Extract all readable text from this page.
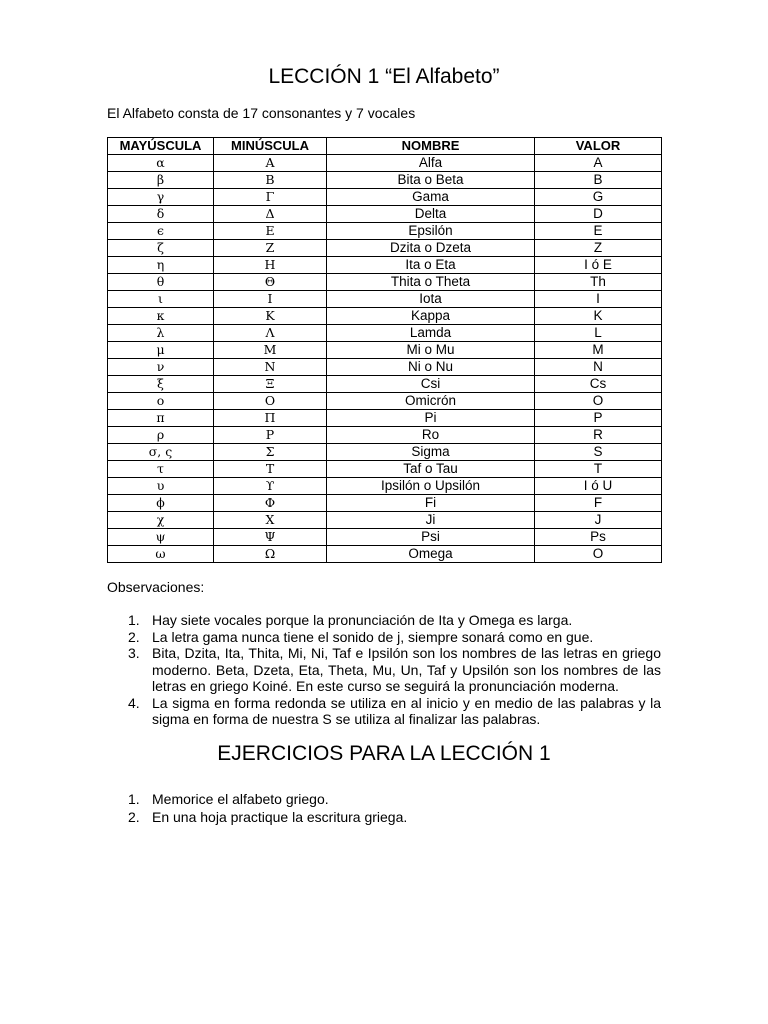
LECCIÓN 1 “El Alfabeto”

El Alfabeto consta de 17 consonantes y 7 vocales

MAYÚSCULA	MINÚSCULA	NOMBRE	VALOR
α	Α	Alfa	A
β	Β	Bita o Beta	B
γ	Γ	Gama	G
δ	Δ	Delta	D
ϵ	Ε	Epsilón	E
ζ	Ζ	Dzita o Dzeta	Z
η	Η	Ita o Eta	I ó E
θ	Θ	Thita o Theta	Th
ι	Ι	Iota	I
κ	Κ	Kappa	K
λ	Λ	Lamda	L
μ	Μ	Mi o Mu	M
ν	Ν	Ni o Nu	N
ξ	Ξ	Csi	Cs
ο	Ο	Omicrón	O
π	Π	Pi	P
ρ	Ρ	Ro	R
σ, ς	Σ	Sigma	S
τ	Τ	Taf o Tau	T
υ	ϒ	Ipsilón o Upsilón	I ó U
ϕ	Φ	Fi	F
χ	Χ	Ji	J
ψ	Ψ	Psi	Ps
ω	Ω	Omega	O

Observaciones:

1. Hay siete vocales porque la pronunciación de Ita y Omega es larga.
2. La letra gama nunca tiene el sonido de j, siempre sonará como en gue.
3. Bita, Dzita, Ita, Thita, Mi, Ni, Taf e Ipsilón son los nombres de las letras en griego moderno. Beta, Dzeta, Eta, Theta, Mu, Un, Taf y Upsilón son los nombres de las letras en griego Koiné. En este curso se seguirá la pronunciación moderna.
4. La sigma en forma redonda se utiliza en al inicio y en medio de las palabras y la sigma en forma de nuestra S se utiliza al finalizar las palabras.
EJERCICIOS PARA LA LECCIÓN 1
1. Memorice el alfabeto griego.
2. En una hoja practique la escritura griega.
